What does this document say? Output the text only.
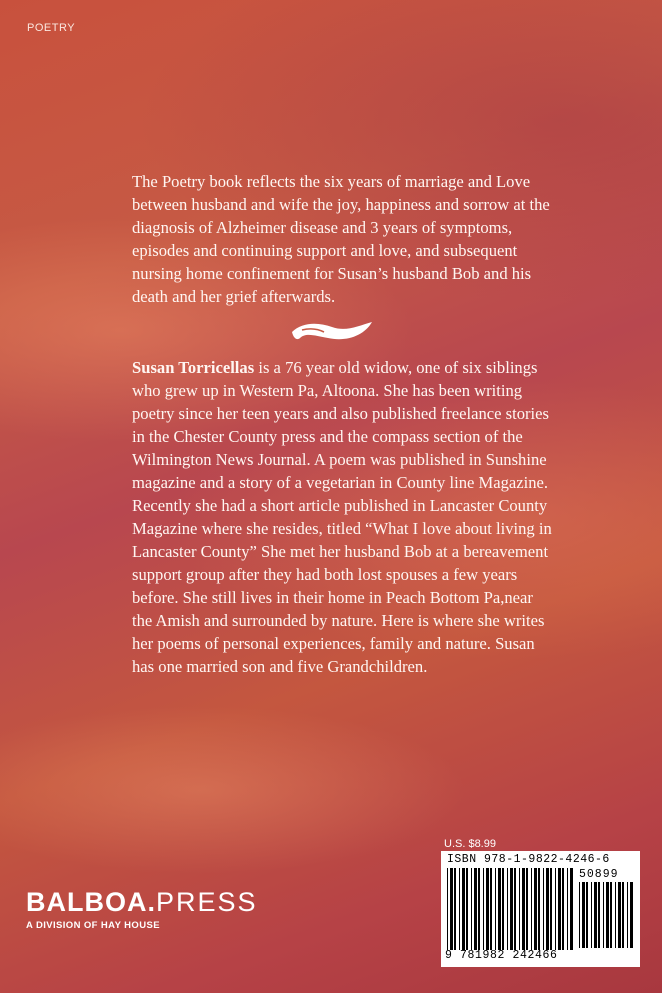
POETRY

The Poetry book reflects the six years of marriage and Love between husband and wife the joy, happiness and sorrow at the diagnosis of Alzheimer disease and 3 years of symptoms, episodes and continuing support and love, and subsequent nursing home confinement for Susan’s husband Bob and his death and her grief afterwards.

Susan Torricellas is a 76 year old widow, one of six siblings who grew up in Western Pa, Altoona. She has been writing poetry since her teen years and also published freelance stories in the Chester County press and the compass section of the Wilmington News Journal. A poem was published in Sunshine magazine and a story of a vegetarian in County line Magazine. Recently she had a short article published in Lancaster County Magazine where she resides, titled “What I love about living in Lancaster County” She met her husband Bob at a bereavement support group after they had both lost spouses a few years before. She still lives in their home in Peach Bottom Pa,near the Amish and surrounded by nature. Here is where she writes her poems of personal experiences, family and nature. Susan has one married son and five Grandchildren.

BALBOA.PRESS
A DIVISION OF HAY HOUSE
U.S. $8.99
ISBN 978-1-9822-4246-6
50899
9 781982 242466
